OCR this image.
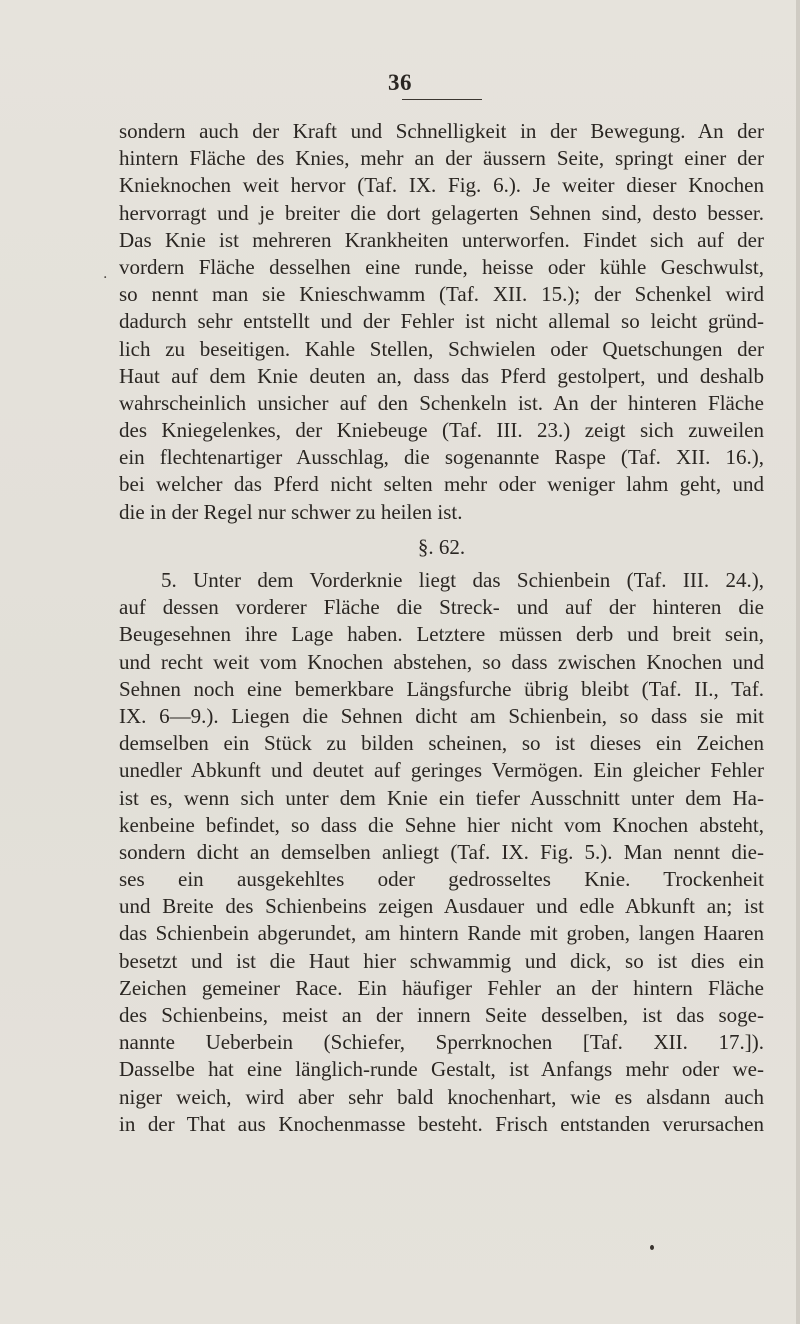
36
·
sondern auch der Kraft und Schnelligkeit in der Bewegung. An der
hintern Fläche des Knies, mehr an der äussern Seite, springt einer der
Knieknochen weit hervor (Taf. IX. Fig. 6.). Je weiter dieser Knochen
hervorragt und je breiter die dort gelagerten Sehnen sind, desto besser.
Das Knie ist mehreren Krankheiten unterworfen. Findet sich auf der
vordern Fläche desselhen eine runde, heisse oder kühle Geschwulst,
so nennt man sie Knieschwamm (Taf. XII. 15.); der Schenkel wird
dadurch sehr entstellt und der Fehler ist nicht allemal so leicht gründ-
lich zu beseitigen. Kahle Stellen, Schwielen oder Quetschungen der
Haut auf dem Knie deuten an, dass das Pferd gestolpert, und deshalb
wahrscheinlich unsicher auf den Schenkeln ist. An der hinteren Fläche
des Kniegelenkes, der Kniebeuge (Taf. III. 23.) zeigt sich zuweilen
ein flechtenartiger Ausschlag, die sogenannte Raspe (Taf. XII. 16.),
bei welcher das Pferd nicht selten mehr oder weniger lahm geht, und
die in der Regel nur schwer zu heilen ist.
§. 62.
5. Unter dem Vorderknie liegt das Schienbein (Taf. III. 24.),
auf dessen vorderer Fläche die Streck- und auf der hinteren die
Beugesehnen ihre Lage haben. Letztere müssen derb und breit sein,
und recht weit vom Knochen abstehen, so dass zwischen Knochen und
Sehnen noch eine bemerkbare Längsfurche übrig bleibt (Taf. II., Taf.
IX. 6—9.). Liegen die Sehnen dicht am Schienbein, so dass sie mit
demselben ein Stück zu bilden scheinen, so ist dieses ein Zeichen
unedler Abkunft und deutet auf geringes Vermögen. Ein gleicher Fehler
ist es, wenn sich unter dem Knie ein tiefer Ausschnitt unter dem Ha-
kenbeine befindet, so dass die Sehne hier nicht vom Knochen absteht,
sondern dicht an demselben anliegt (Taf. IX. Fig. 5.). Man nennt die-
ses ein ausgekehltes oder gedrosseltes Knie. Trockenheit
und Breite des Schienbeins zeigen Ausdauer und edle Abkunft an; ist
das Schienbein abgerundet, am hintern Rande mit groben, langen Haaren
besetzt und ist die Haut hier schwammig und dick, so ist dies ein
Zeichen gemeiner Race. Ein häufiger Fehler an der hintern Fläche
des Schienbeins, meist an der innern Seite desselben, ist das soge-
nannte Ueberbein (Schiefer, Sperrknochen [Taf. XII. 17.]).
Dasselbe hat eine länglich-runde Gestalt, ist Anfangs mehr oder we-
niger weich, wird aber sehr bald knochenhart, wie es alsdann auch
in der That aus Knochenmasse besteht. Frisch entstanden verursachen
